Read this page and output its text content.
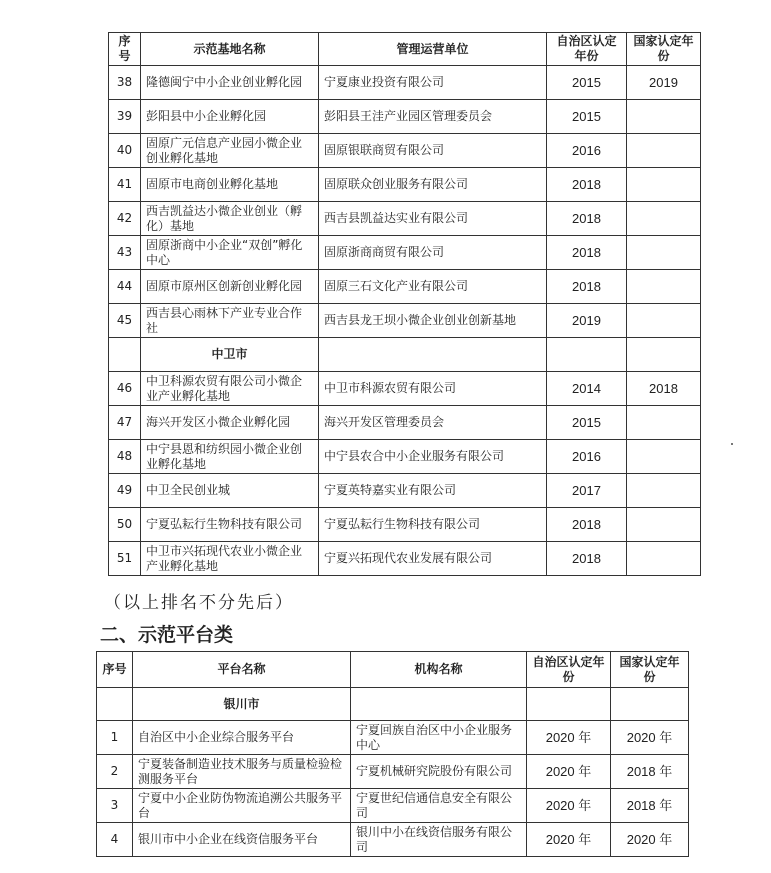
序号	示范基地名称	管理运营单位	自治区认定年份	国家认定年份
38	隆德闽宁中小企业创业孵化园	宁夏康业投资有限公司	2015	2019
39	彭阳县中小企业孵化园	彭阳县王洼产业园区管理委员会	2015	
40	固原广元信息产业园小微企业创业孵化基地	固原银联商贸有限公司	2016	
41	固原市电商创业孵化基地	固原联众创业服务有限公司	2018	
42	西吉凯益达小微企业创业（孵化）基地	西吉县凯益达实业有限公司	2018	
43	固原浙商中小企业“双创”孵化中心	固原浙商商贸有限公司	2018	
44	固原市原州区创新创业孵化园	固原三石文化产业有限公司	2018	
45	西吉县心雨林下产业专业合作社	西吉县龙王坝小微企业创业创新基地	2019	
	中卫市			
46	中卫科源农贸有限公司小微企业产业孵化基地	中卫市科源农贸有限公司	2014	2018
47	海兴开发区小微企业孵化园	海兴开发区管理委员会	2015	
48	中宁县恩和纺织园小微企业创业孵化基地	中宁县农合中小企业服务有限公司	2016	
49	中卫全民创业城	宁夏英特嘉实业有限公司	2017	
50	宁夏弘耘行生物科技有限公司	宁夏弘耘行生物科技有限公司	2018	
51	中卫市兴拓现代农业小微企业产业孵化基地	宁夏兴拓现代农业发展有限公司	2018	
（以上排名不分先后）
二、示范平台类
序号	平台名称	机构名称	自治区认定年份	国家认定年份
	银川市			
1	自治区中小企业综合服务平台	宁夏回族自治区中小企业服务中心	2020 年	2020 年
2	宁夏装备制造业技术服务与质量检验检测服务平台	宁夏机械研究院股份有限公司	2020 年	2018 年
3	宁夏中小企业防伪物流追溯公共服务平台	宁夏世纪信通信息安全有限公司	2020 年	2018 年
4	银川市中小企业在线资信服务平台	银川中小在线资信服务有限公司	2020 年	2020 年
